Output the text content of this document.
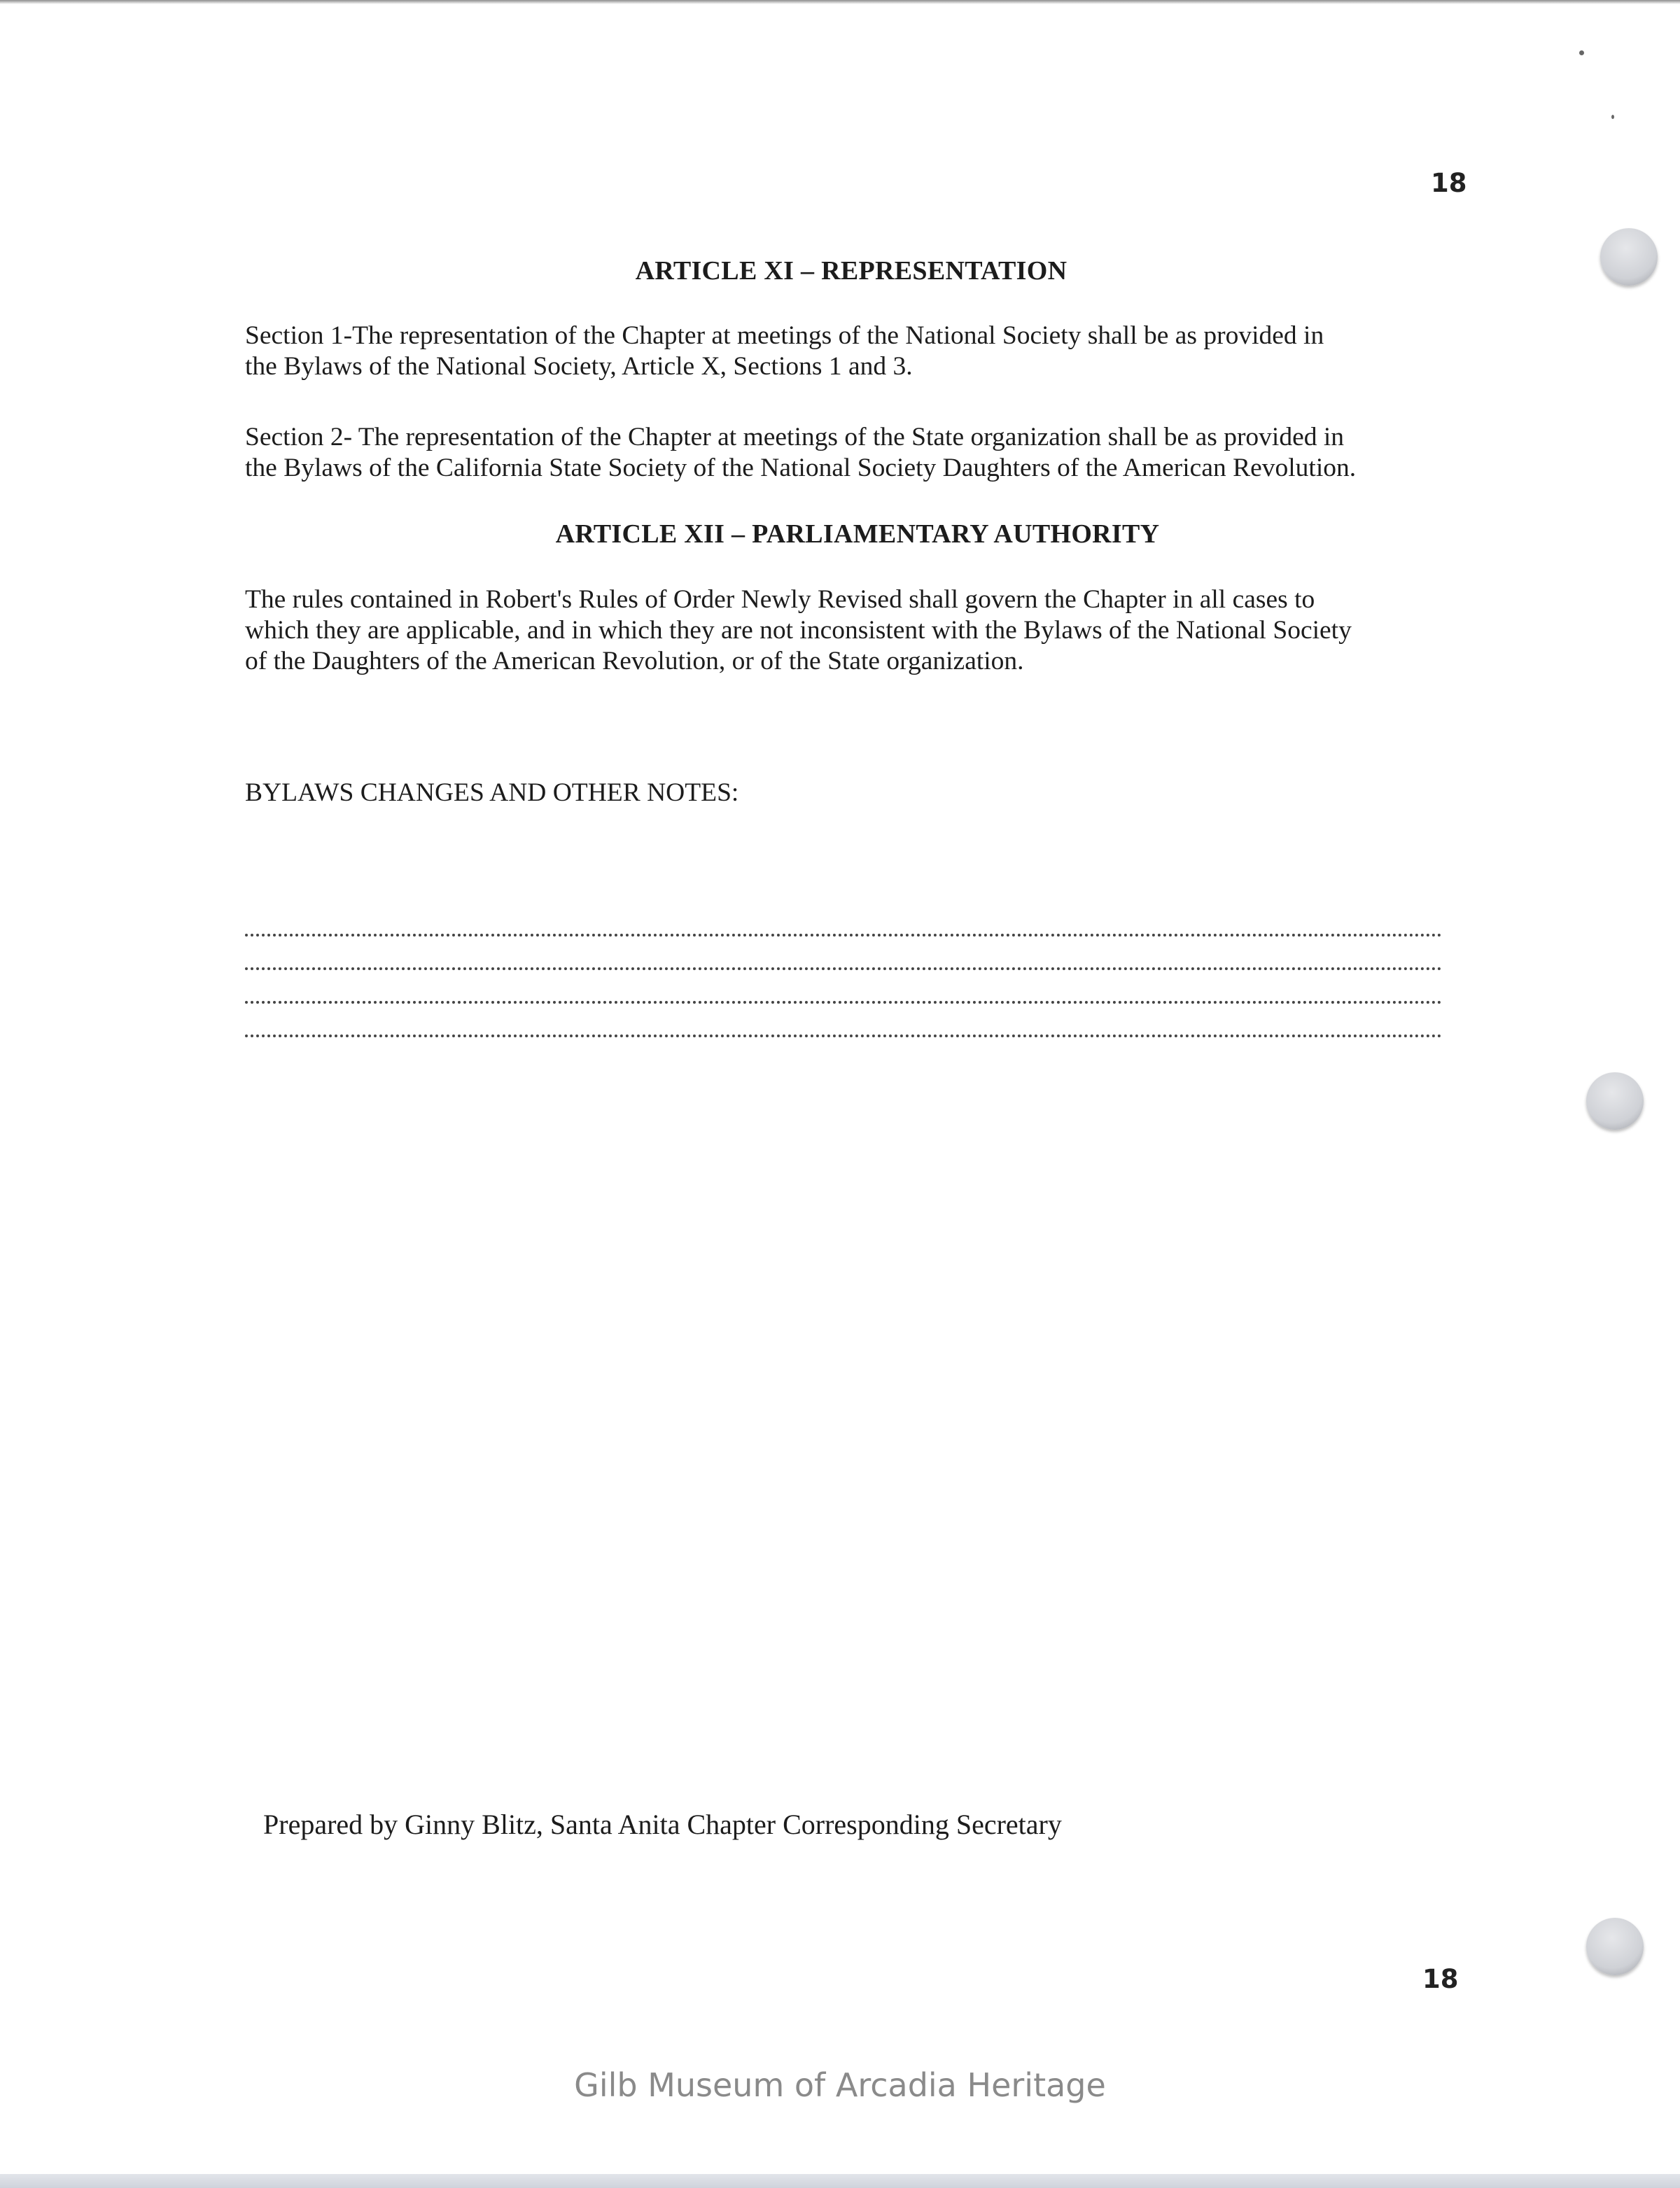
18
ARTICLE XI – REPRESENTATION

Section 1-The representation of the Chapter at meetings of the National Society shall be as provided in
the Bylaws of the National Society, Article X, Sections 1 and 3.

Section 2- The representation of the Chapter at meetings of the State organization shall be as provided in
the Bylaws of the California State Society of the National Society Daughters of the American Revolution.

ARTICLE XII – PARLIAMENTARY AUTHORITY

The rules contained in Robert's Rules of Order Newly Revised shall govern the Chapter in all cases to
which they are applicable, and in which they are not inconsistent with the Bylaws of the National Society
of the Daughters of the American Revolution, or of the State organization.

BYLAWS CHANGES AND OTHER NOTES:
Prepared by Ginny Blitz, Santa Anita Chapter Corresponding Secretary
18
Gilb Museum of Arcadia Heritage
